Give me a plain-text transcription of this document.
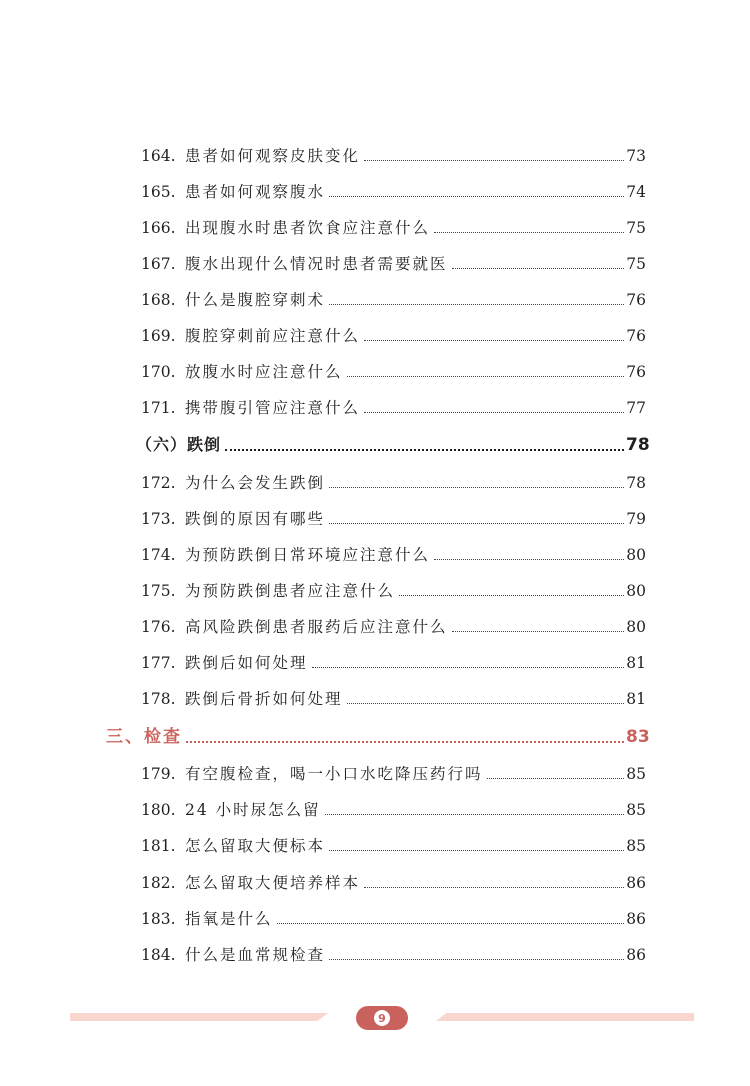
164. 患者如何观察皮肤变化	73
165. 患者如何观察腹水	74
166. 出现腹水时患者饮食应注意什么	75
167. 腹水出现什么情况时患者需要就医	75
168. 什么是腹腔穿刺术	76
169. 腹腔穿刺前应注意什么	76
170. 放腹水时应注意什么	76
171. 携带腹引管应注意什么	77
（六）跌倒	78
172. 为什么会发生跌倒	78
173. 跌倒的原因有哪些	79
174. 为预防跌倒日常环境应注意什么	80
175. 为预防跌倒患者应注意什么	80
176. 高风险跌倒患者服药后应注意什么	80
177. 跌倒后如何处理	81
178. 跌倒后骨折如何处理	81
三、检查	83
179. 有空腹检查，喝一小口水吃降压药行吗	85
180. 24 小时尿怎么留	85
181. 怎么留取大便标本	85
182. 怎么留取大便培养样本	86
183. 指氧是什么	86
184. 什么是血常规检查	86
9
